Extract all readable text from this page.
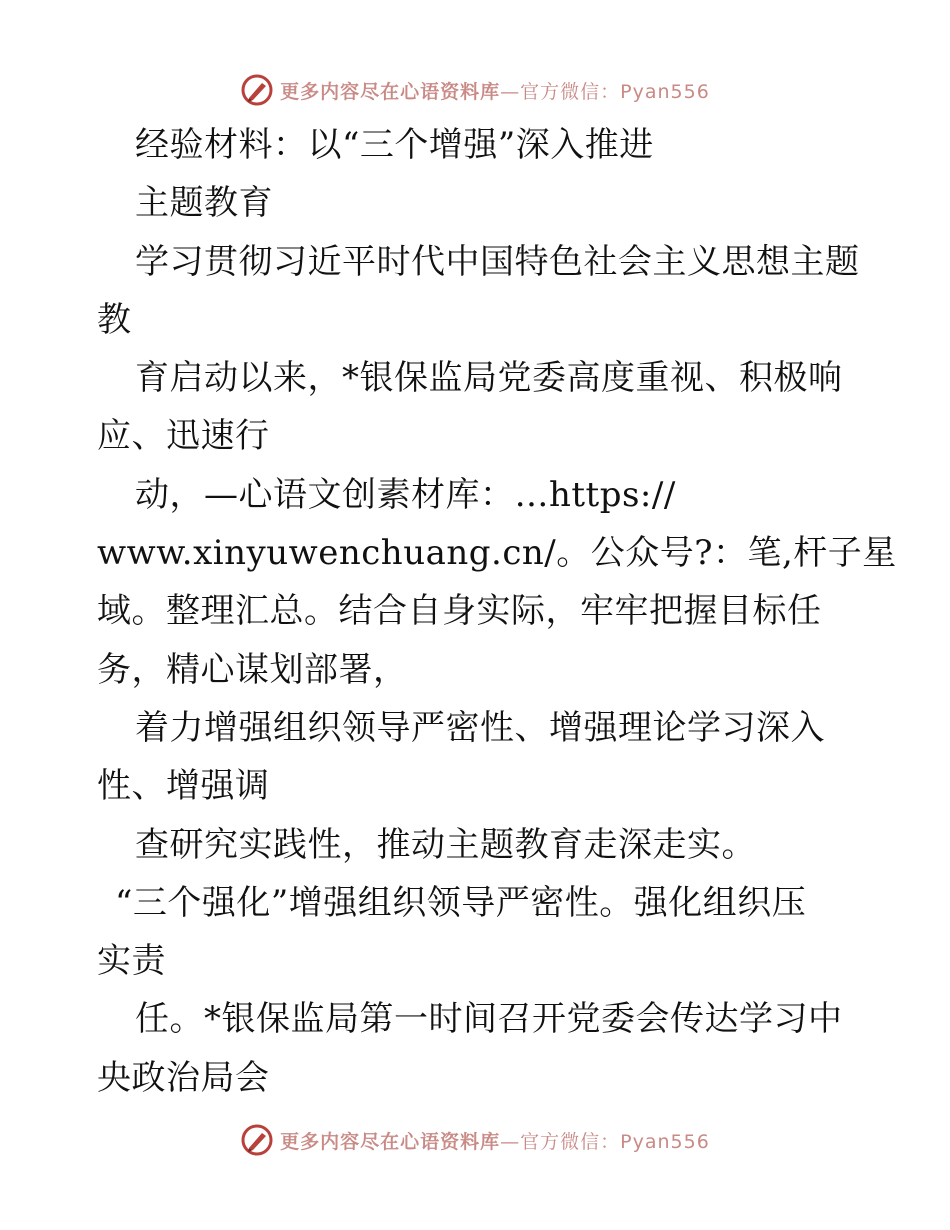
更多内容尽在心语资料库—官方微信：Pyan556
经验材料：以“三个增强”深入推进
主题教育
学习贯彻习近平时代中国特色社会主义思想主题
教
育启动以来，*银保监局党委高度重视、积极响
应、迅速行
动，—心语文创素材库：…https://
www.xinyuwenchuang.cn/。公众号?：笔,杆子星
域。整理汇总。结合自身实际，牢牢把握目标任
务，精心谋划部署，
着力增强组织领导严密性、增强理论学习深入
性、增强调
查研究实践性，推动主题教育走深走实。
“三个强化”增强组织领导严密性。强化组织压
实责
任。*银保监局第一时间召开党委会传达学习中
央政治局会
更多内容尽在心语资料库—官方微信：Pyan556
